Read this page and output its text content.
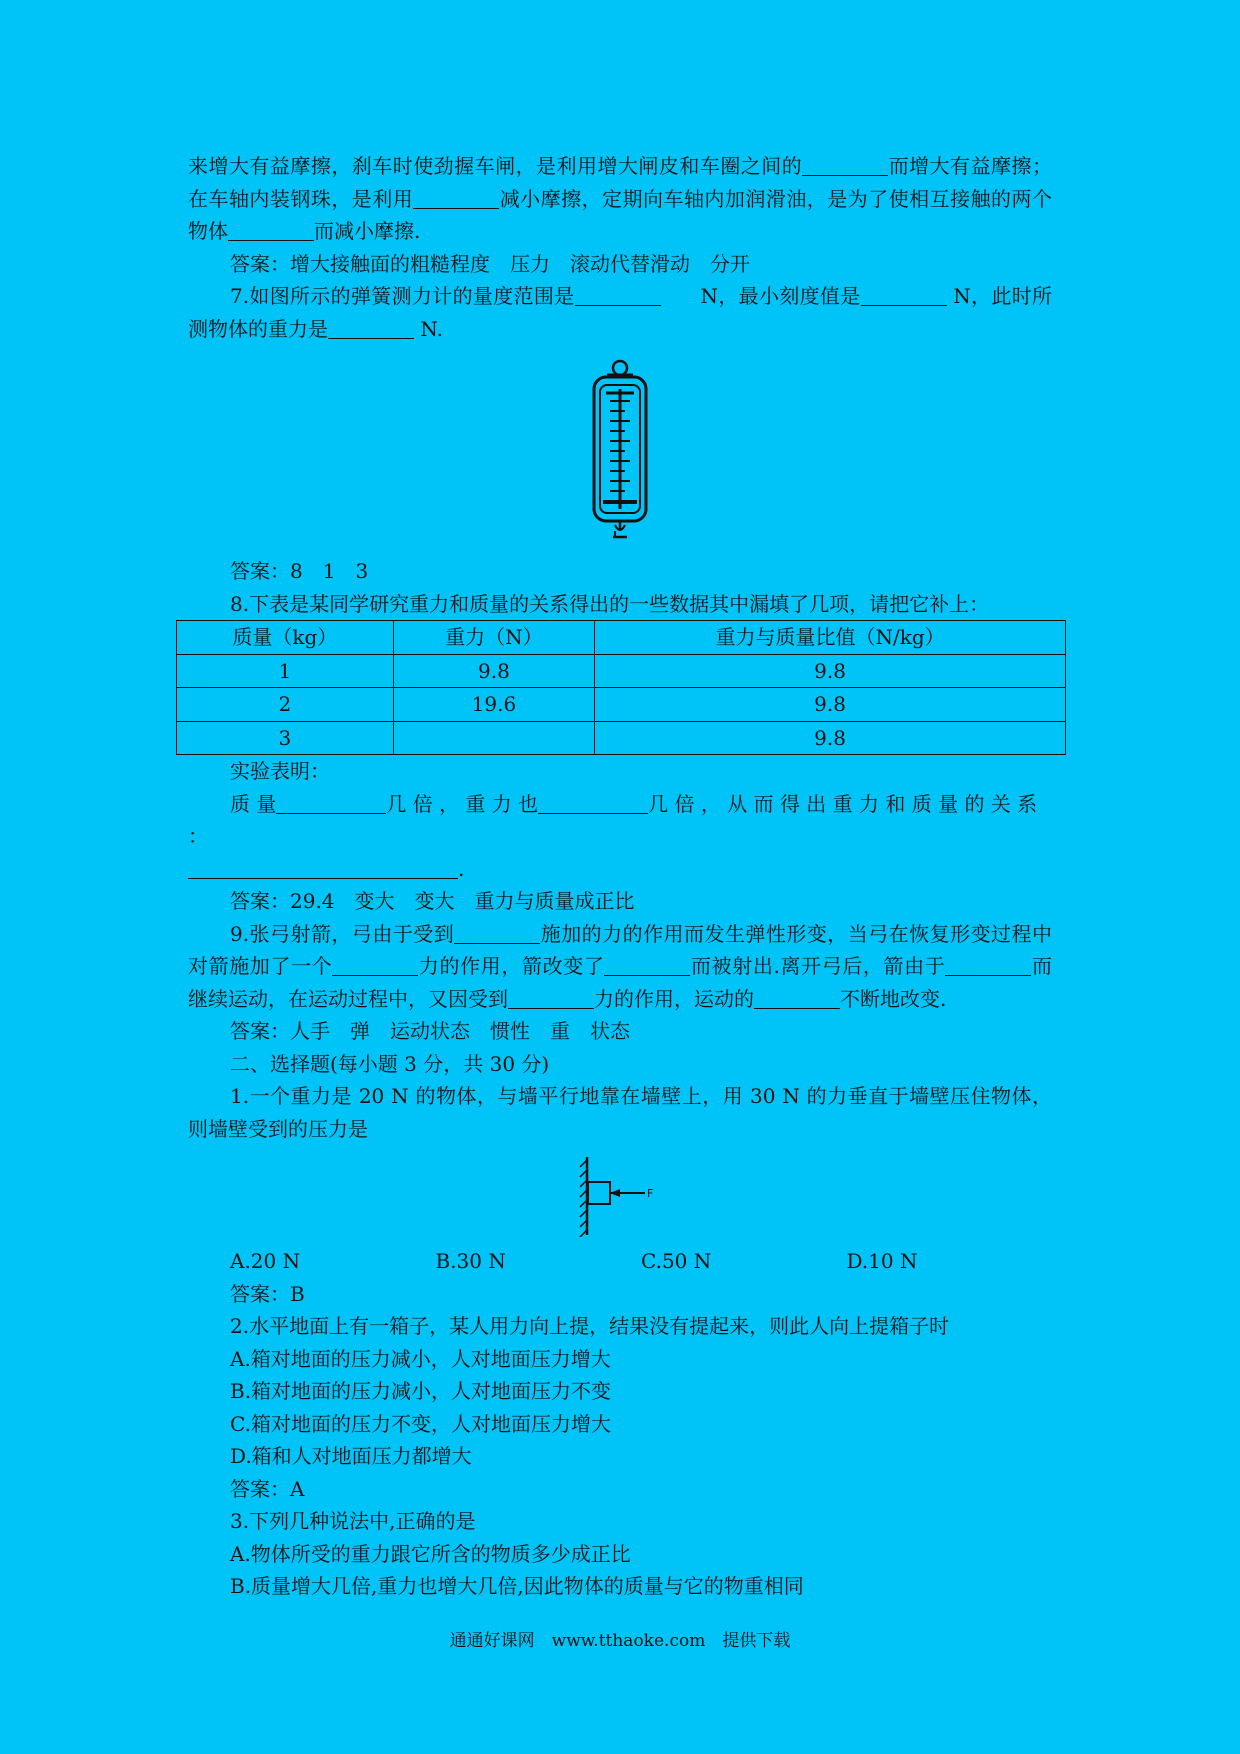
来增大有益摩擦，刹车时使劲握车闸，是利用增大闸皮和车圈之间的	而增大有益摩擦；在车轴内装钢珠，是利用	减小摩擦，定期向车轴内加润滑油，是为了使相互接触的两个物体	而减小摩擦.

答案：增大接触面的粗糙程度　压力　滚动代替滑动　分开

7.如图所示的弹簧测力计的量度范围是	N，最小刻度值是	N，此时所测物体的重力是	N.

答案：8　1　3

8.下表是某同学研究重力和质量的关系得出的一些数据其中漏填了几项，请把它补上：

质量（kg）	重力（N）	重力与质量比值（N/kg）
1	9.8	9.8
2	19.6	9.8
3		9.8

实验表明：

质 量	几 倍 ， 重 力 也	几 倍 ， 从 而 得 出 重 力 和 质 量 的 关 系 ：

.

答案：29.4　变大　变大　重力与质量成正比

9.张弓射箭，弓由于受到	施加的力的作用而发生弹性形变，当弓在恢复形变过程中对箭施加了一个	力的作用，箭改变了	而被射出.离开弓后，箭由于	而继续运动，在运动过程中，又因受到	力的作用，运动的	不断地改变.

答案：人手　弹　运动状态　惯性　重　状态

二、选择题(每小题 3 分，共 30 分)

1.一个重力是 20 N 的物体，与墙平行地靠在墙壁上，用 30 N 的力垂直于墙壁压住物体，则墙壁受到的压力是

F
A.20 N	B.30 N	C.50 N	D.10 N

答案：B

2.水平地面上有一箱子，某人用力向上提，结果没有提起来，则此人向上提箱子时

A.箱对地面的压力减小，人对地面压力增大

B.箱对地面的压力减小，人对地面压力不变

C.箱对地面的压力不变，人对地面压力增大

D.箱和人对地面压力都增大

答案：A

3.下列几种说法中,正确的是

A.物体所受的重力跟它所含的物质多少成正比

B.质量增大几倍,重力也增大几倍,因此物体的质量与它的物重相同

通通好课网　www.tthaoke.com　提供下载
